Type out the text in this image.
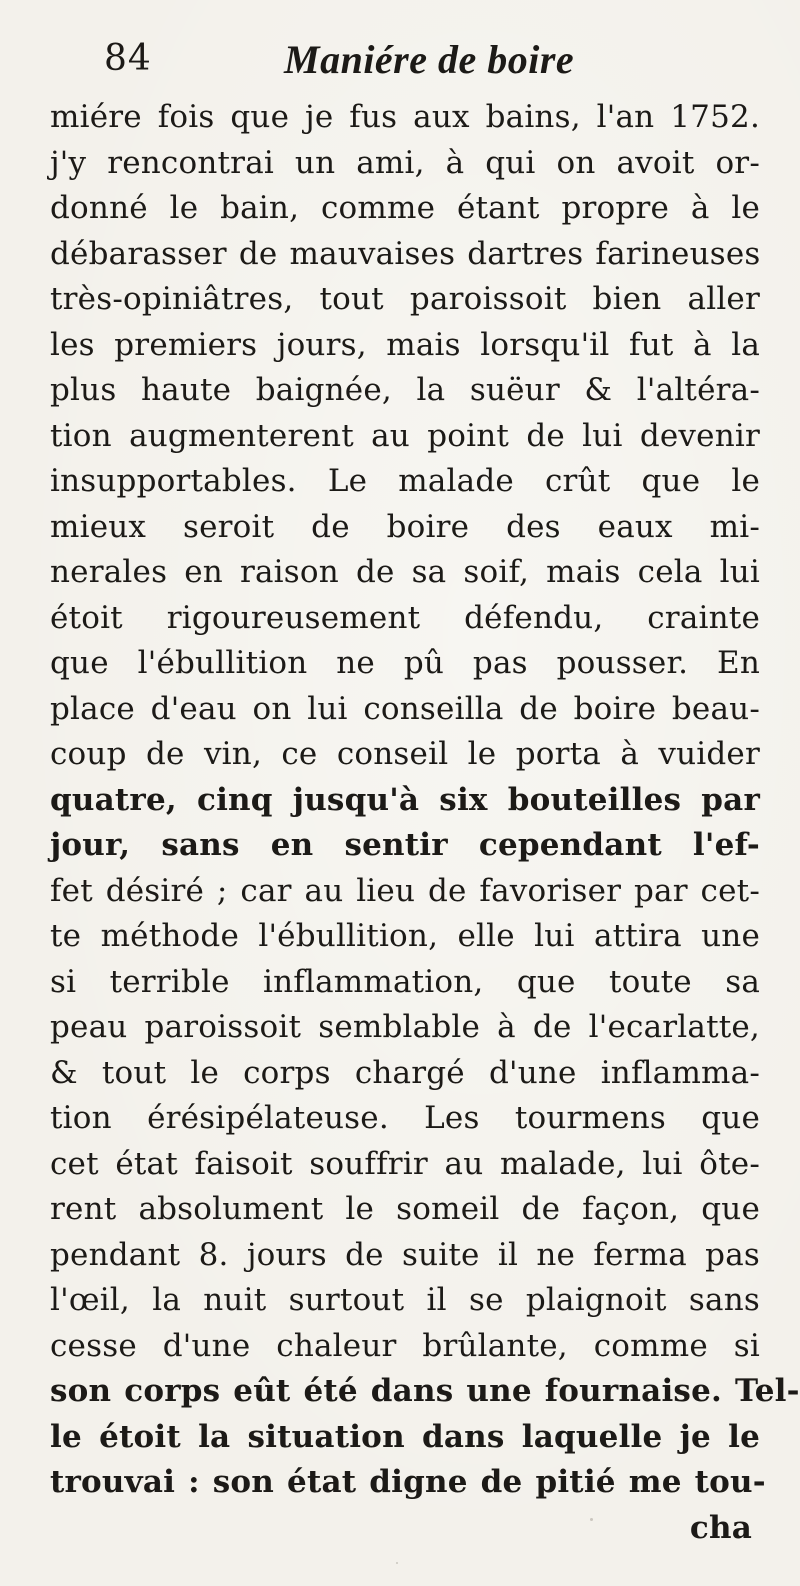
84	Maniére de boire
miére fois que je fus aux bains, l'an 1752.
j'y rencontrai un ami, à qui on avoit or-
donné le bain, comme étant propre à le
débarasser de mauvaises dartres farineuses
très-opiniâtres, tout paroissoit bien aller
les premiers jours, mais lorsqu'il fut à la
plus haute baignée, la suëur & l'altéra-
tion augmenterent au point de lui devenir
insupportables. Le malade crût que le
mieux seroit de boire des eaux mi-
nerales en raison de sa soif, mais cela lui
étoit rigoureusement défendu, crainte
que l'ébullition ne pû pas pousser. En
place d'eau on lui conseilla de boire beau-
coup de vin, ce conseil le porta à vuider
quatre, cinq jusqu'à six bouteilles par
jour, sans en sentir cependant l'ef-
fet désiré ; car au lieu de favoriser par cet-
te méthode l'ébullition, elle lui attira une
si terrible inflammation, que toute sa
peau paroissoit semblable à de l'ecarlatte,
& tout le corps chargé d'une inflamma-
tion érésipélateuse. Les tourmens que
cet état faisoit souffrir au malade, lui ôte-
rent absolument le someil de façon, que
pendant 8. jours de suite il ne ferma pas
l'œil, la nuit surtout il se plaignoit sans
cesse d'une chaleur brûlante, comme si
son corps eût été dans une fournaise. Tel-
le étoit la situation dans laquelle je le
trouvai : son état digne de pitié me tou-
cha
